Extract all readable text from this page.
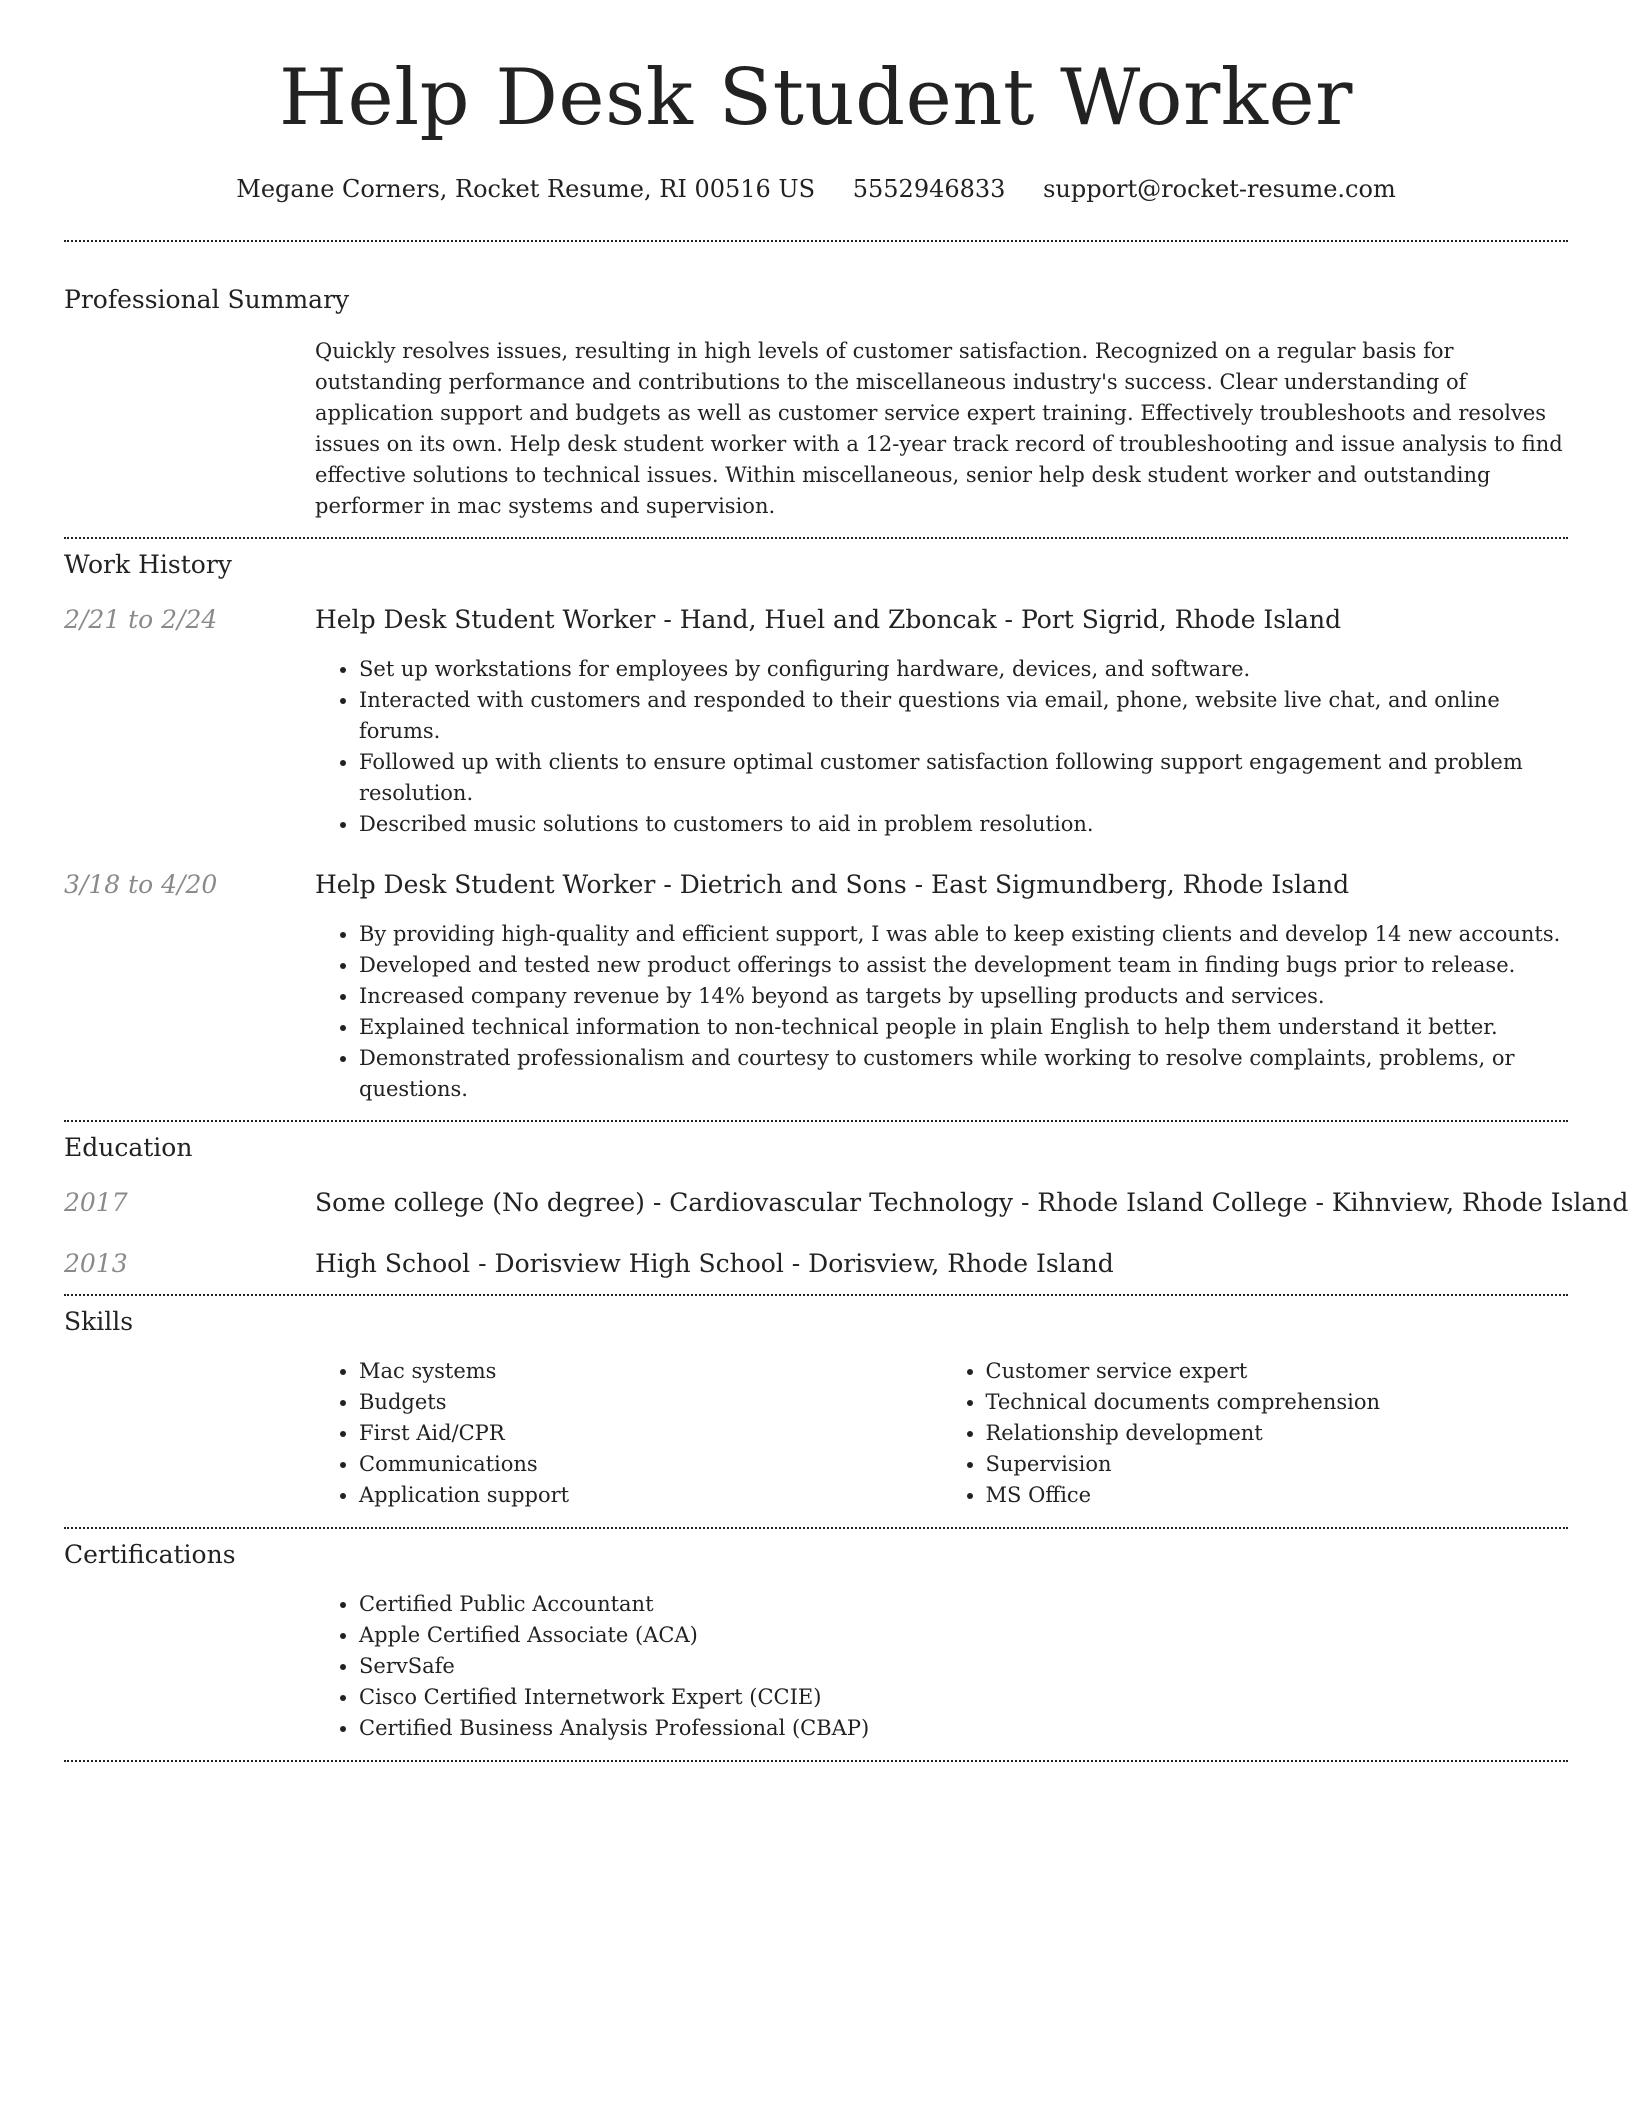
Help Desk Student Worker
Megane Corners, Rocket Resume, RI 00516 US 5552946833 support@rocket-resume.com
Professional Summary
Quickly resolves issues, resulting in high levels of customer satisfaction. Recognized on a regular basis for outstanding performance and contributions to the miscellaneous industry's success. Clear understanding of application support and budgets as well as customer service expert training. Effectively troubleshoots and resolves issues on its own. Help desk student worker with a 12-year track record of troubleshooting and issue analysis to find effective solutions to technical issues. Within miscellaneous, senior help desk student worker and outstanding performer in mac systems and supervision.
Work History
2/21 to 2/24	Help Desk Student Worker - Hand, Huel and Zboncak - Port Sigrid, Rhode Island
• Set up workstations for employees by configuring hardware, devices, and software.
• Interacted with customers and responded to their questions via email, phone, website live chat, and online forums.
• Followed up with clients to ensure optimal customer satisfaction following support engagement and problem resolution.
• Described music solutions to customers to aid in problem resolution.
3/18 to 4/20	Help Desk Student Worker - Dietrich and Sons - East Sigmundberg, Rhode Island
• By providing high-quality and efficient support, I was able to keep existing clients and develop 14 new accounts.
• Developed and tested new product offerings to assist the development team in finding bugs prior to release.
• Increased company revenue by 14% beyond as targets by upselling products and services.
• Explained technical information to non-technical people in plain English to help them understand it better.
• Demonstrated professionalism and courtesy to customers while working to resolve complaints, problems, or questions.
Education
2017	Some college (No degree) - Cardiovascular Technology - Rhode Island College - Kihnview, Rhode Island
2013	High School - Dorisview High School - Dorisview, Rhode Island
Skills
• Mac systems
• Budgets
• First Aid/CPR
• Communications
• Application support
• Customer service expert
• Technical documents comprehension
• Relationship development
• Supervision
• MS Office
Certifications
• Certified Public Accountant
• Apple Certified Associate (ACA)
• ServSafe
• Cisco Certified Internetwork Expert (CCIE)
• Certified Business Analysis Professional (CBAP)
